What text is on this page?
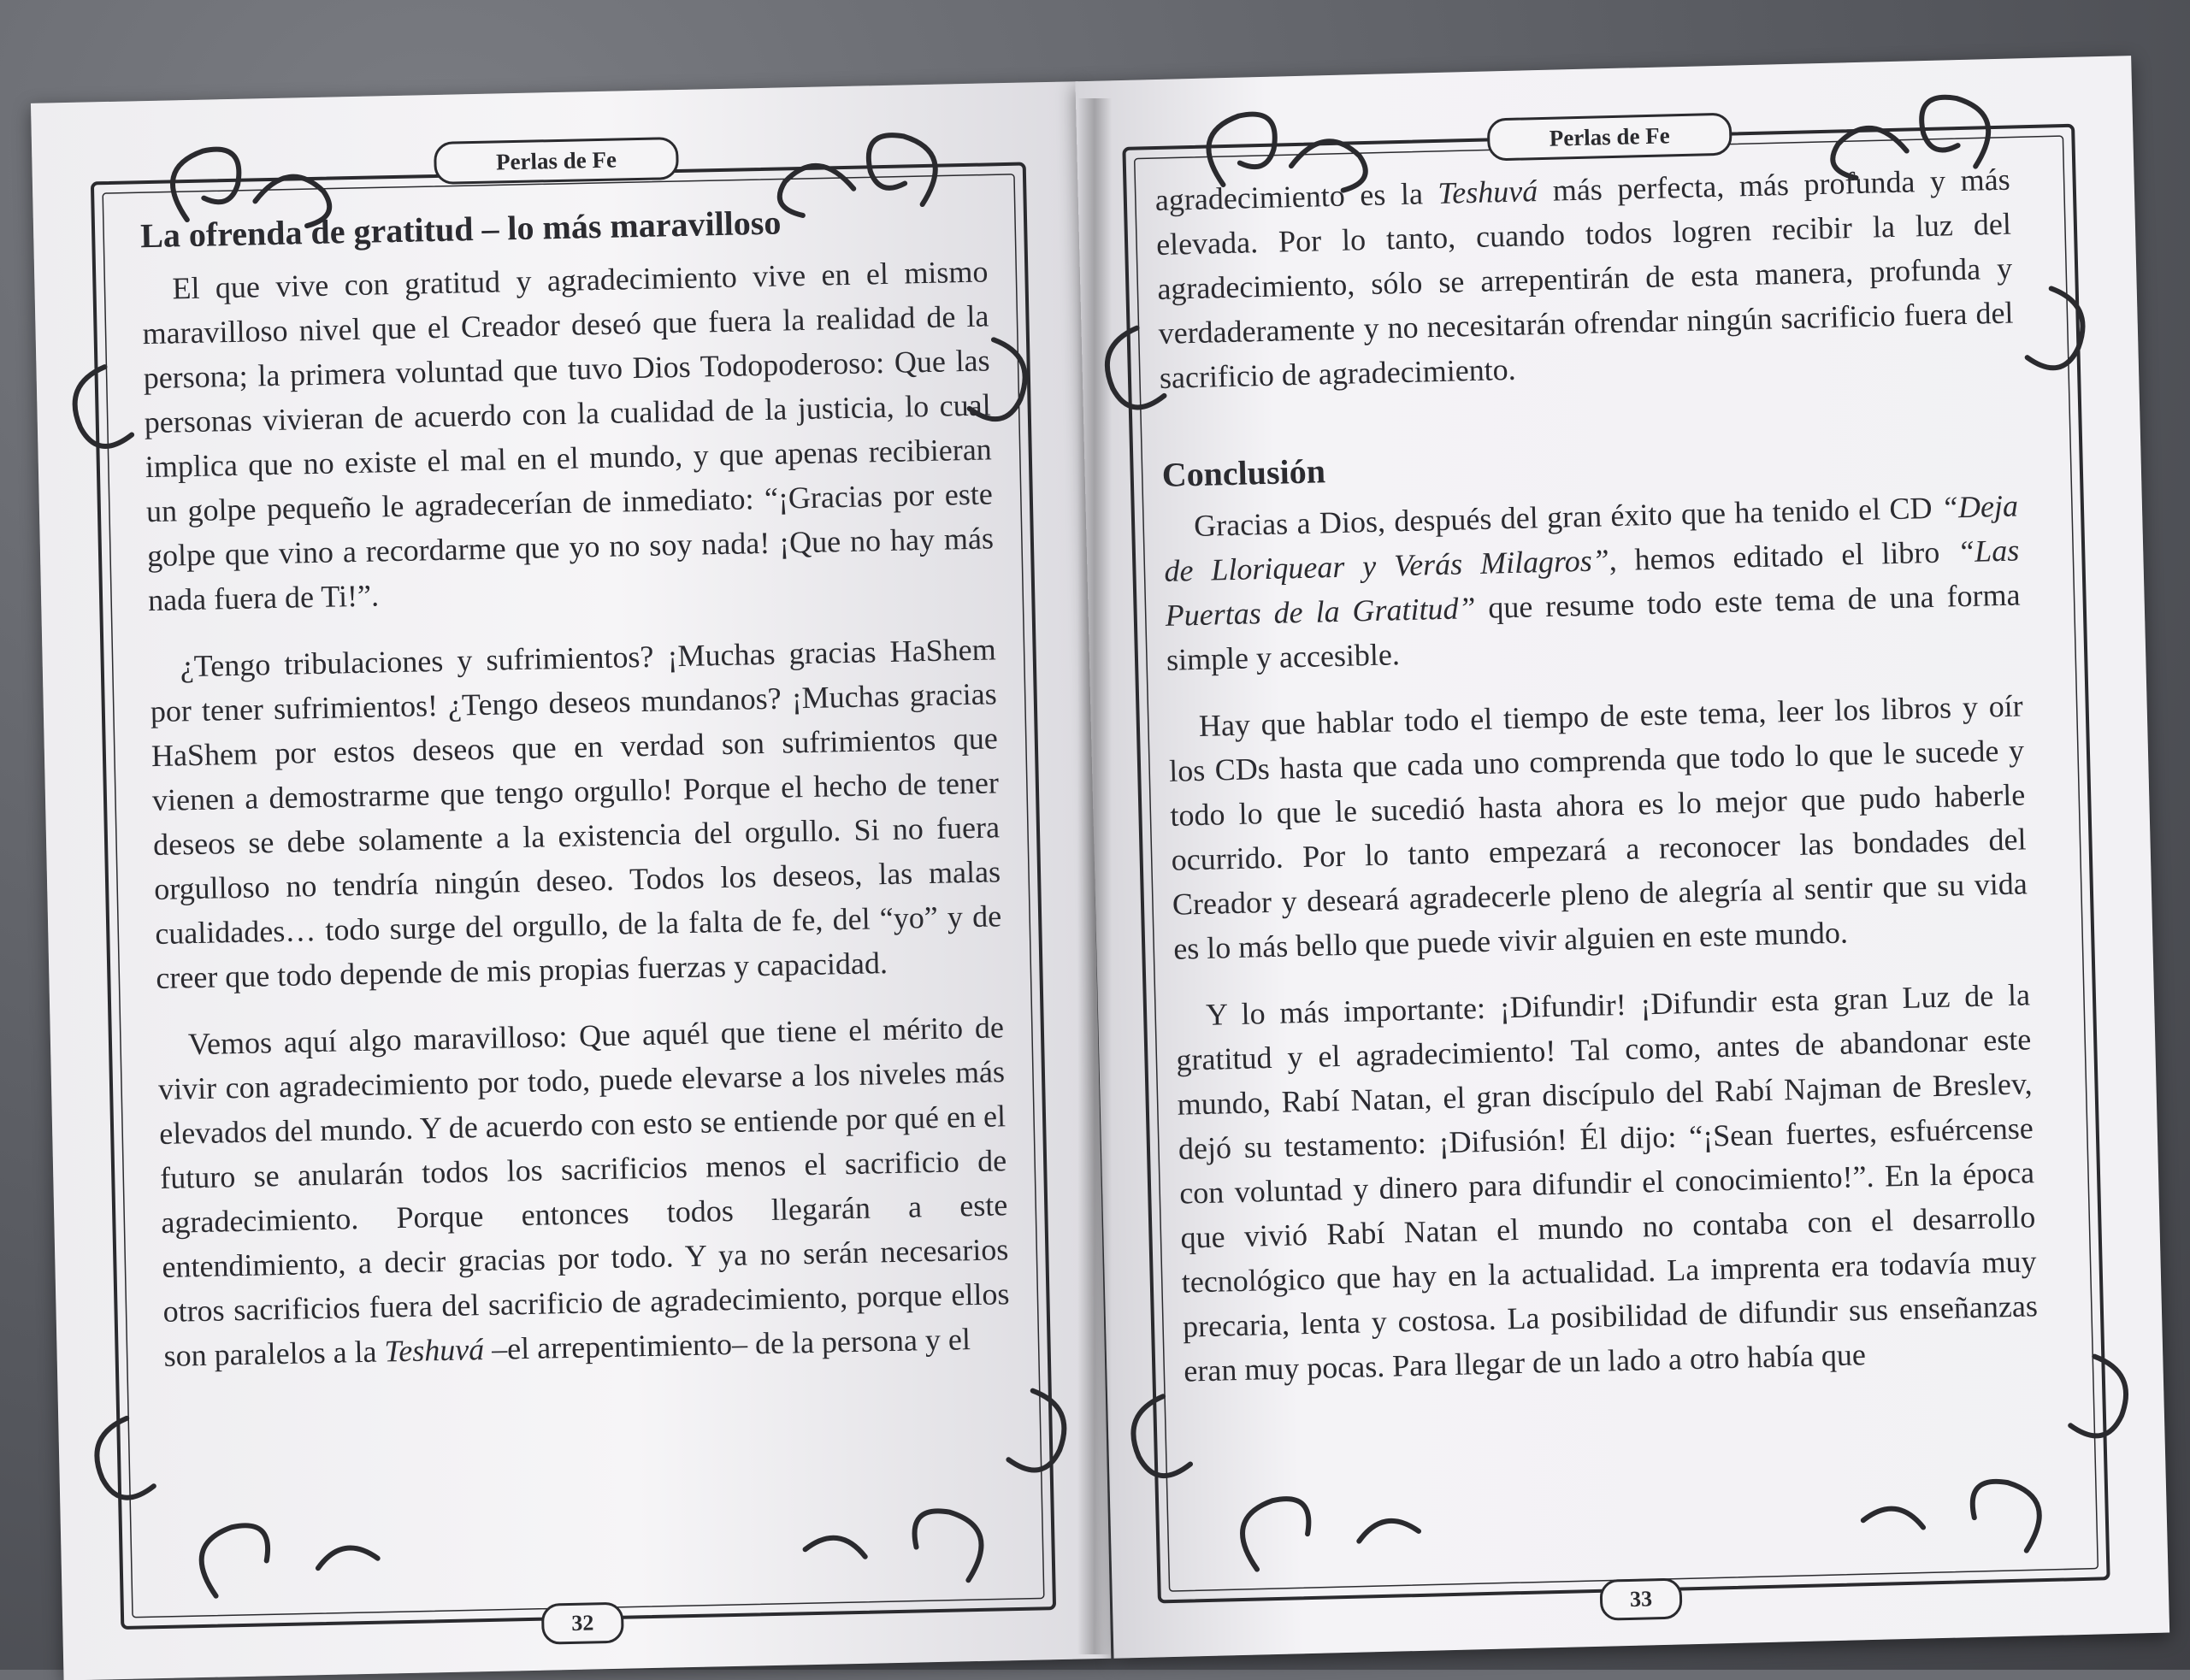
Perlas de Fe
La ofrenda de gratitud – lo más maravilloso

El que vive con gratitud y agradecimiento vive en el mismo maravilloso nivel que el Creador deseó que fuera la realidad de la persona; la primera voluntad que tuvo Dios Todopoderoso: Que las personas vivieran de acuerdo con la cualidad de la justicia, lo cual implica que no existe el mal en el mundo, y que apenas recibieran un golpe pequeño le agradecerían de inmediato: “¡Gracias por este golpe que vino a recordarme que yo no soy nada! ¡Que no hay más nada fuera de Ti!”.

¿Tengo tribulaciones y sufrimientos? ¡Muchas gracias HaShem por tener sufrimientos! ¿Tengo deseos mundanos? ¡Muchas gracias HaShem por estos deseos que en verdad son sufrimientos que vienen a demostrarme que tengo orgullo! Porque el hecho de tener deseos se debe solamente a la existencia del orgullo. Si no fuera orgulloso no tendría ningún deseo. Todos los deseos, las malas cualidades… todo surge del orgullo, de la falta de fe, del “yo” y de creer que todo depende de mis propias fuerzas y capacidad.

Vemos aquí algo maravilloso: Que aquél que tiene el mérito de vivir con agradecimiento por todo, puede elevarse a los niveles más elevados del mundo. Y de acuerdo con esto se entiende por qué en el futuro se anularán todos los sacrificios menos el sacrificio de agradecimiento. Porque entonces todos llegarán a este entendimiento, a decir gracias por todo. Y ya no serán necesarios otros sacrificios fuera del sacrificio de agradecimiento, porque ellos son paralelos a la Teshuvá –el arrepentimiento– de la persona y el

32
Perlas de Fe

agradecimiento es la Teshuvá más perfecta, más profunda y más elevada. Por lo tanto, cuando todos logren recibir la luz del agradecimiento, sólo se arrepentirán de esta manera, profunda y verdaderamente y no necesitarán ofrendar ningún sacrificio fuera del sacrificio de agradecimiento.

Conclusión

Gracias a Dios, después del gran éxito que ha tenido el CD “Deja de Lloriquear y Verás Milagros”, hemos editado el libro “Las Puertas de la Gratitud” que resume todo este tema de una forma simple y accesible.

Hay que hablar todo el tiempo de este tema, leer los libros y oír los CDs hasta que cada uno comprenda que todo lo que le sucede y todo lo que le sucedió hasta ahora es lo mejor que pudo haberle ocurrido. Por lo tanto empezará a reconocer las bondades del Creador y deseará agradecerle pleno de alegría al sentir que su vida es lo más bello que puede vivir alguien en este mundo.

Y lo más importante: ¡Difundir! ¡Difundir esta gran Luz de la gratitud y el agradecimiento! Tal como, antes de abandonar este mundo, Rabí Natan, el gran discípulo del Rabí Najman de Breslev, dejó su testamento: ¡Difusión! Él dijo: “¡Sean fuertes, esfuércense con voluntad y dinero para difundir el conocimiento!”. En la época que vivió Rabí Natan el mundo no contaba con el desarrollo tecnológico que hay en la actualidad. La imprenta era todavía muy precaria, lenta y costosa. La posibilidad de difundir sus enseñanzas eran muy pocas. Para llegar de un lado a otro había que

33
